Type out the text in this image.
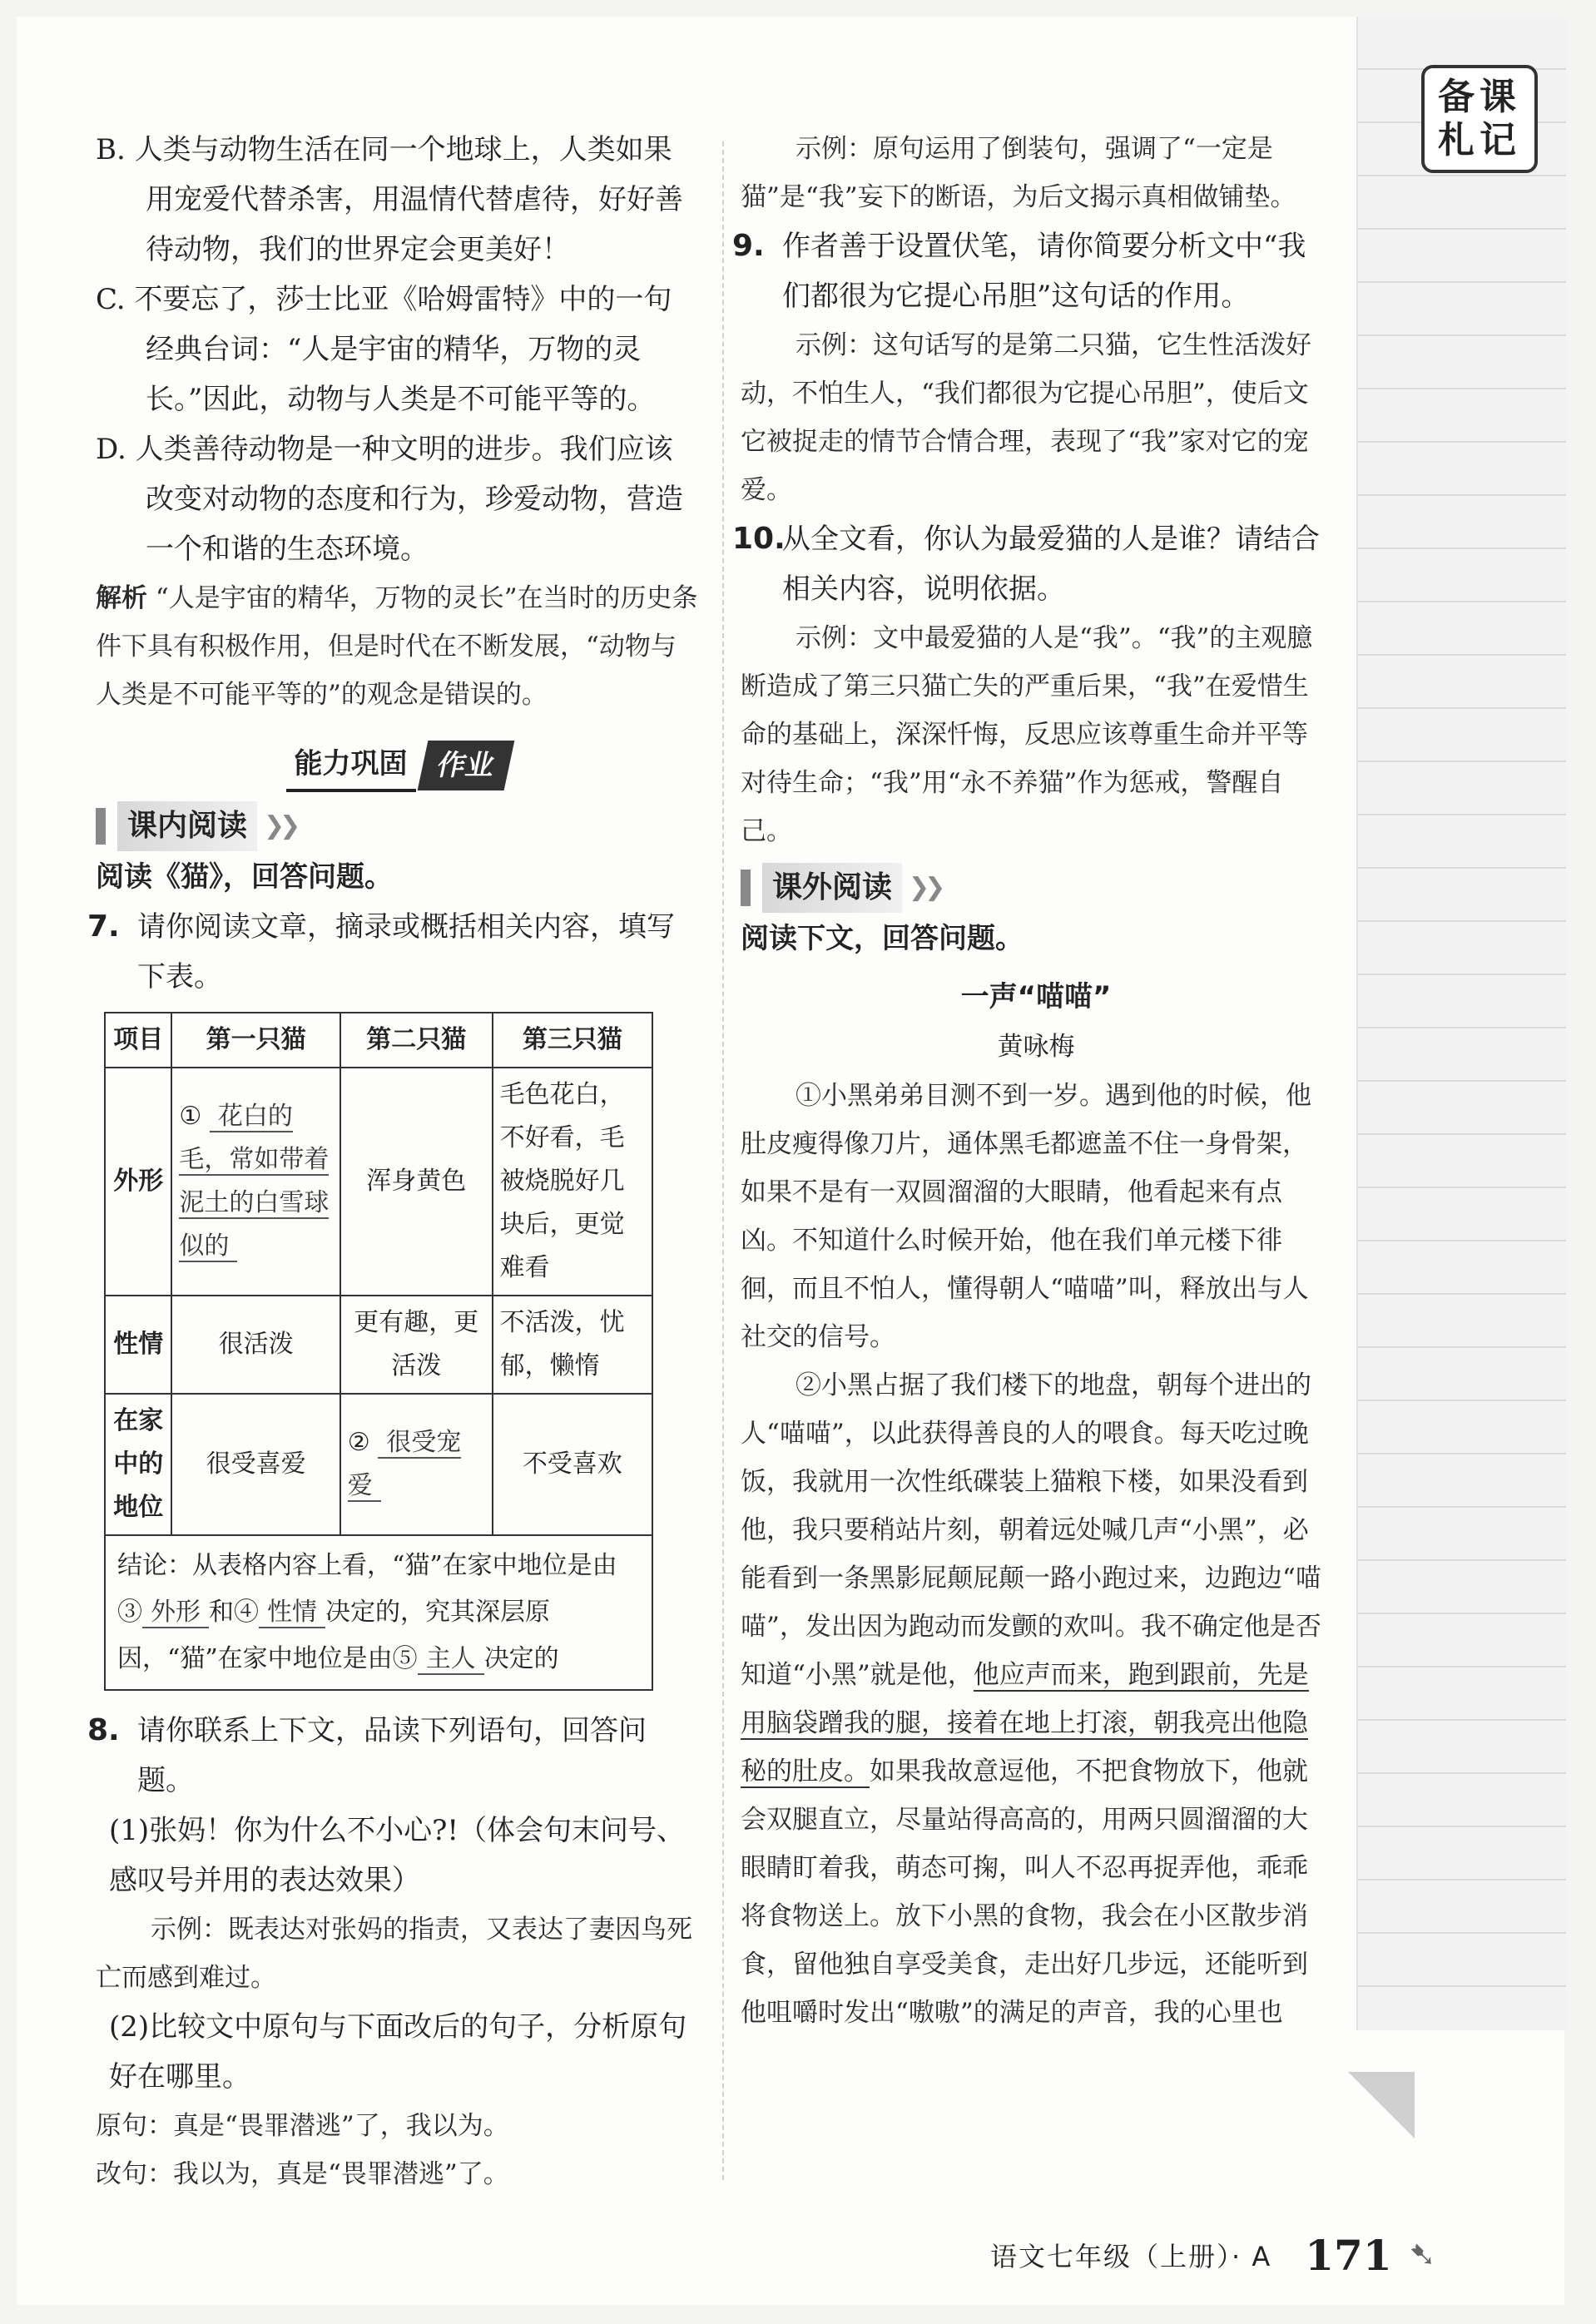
备课
札记

B. 人类与动物生活在同一个地球上，人类如果用宠爱代替杀害，用温情代替虐待，好好善待动物，我们的世界定会更美好！

C. 不要忘了，莎士比亚《哈姆雷特》中的一句经典台词：“人是宇宙的精华，万物的灵长。”因此，动物与人类是不可能平等的。

D. 人类善待动物是一种文明的进步。我们应该改变对动物的态度和行为，珍爱动物，营造一个和谐的生态环境。

解析 “人是宇宙的精华，万物的灵长”在当时的历史条件下具有积极作用，但是时代在不断发展，“动物与人类是不可能平等的”的观念是错误的。

能力巩固 作业
课内阅读 ❯❯

阅读《猫》，回答问题。

7. 请你阅读文章，摘录或概括相关内容，填写下表。

项目	第一只猫	第二只猫	第三只猫
外形	① 花白的毛，常如带着泥土的白雪球似的	浑身黄色	毛色花白，不好看，毛被烧脱好几块后，更觉难看
性情	很活泼	更有趣，更活泼	不活泼，忧郁，懒惰
在家中的地位	很受喜爱	② 很受宠爱	不受喜欢
结论：从表格内容上看，“猫”在家中地位是由③ 外形 和④ 性情 决定的，究其深层原因，“猫”在家中地位是由⑤ 主人 决定的			

8. 请你联系上下文，品读下列语句，回答问题。

(1)张妈！你为什么不小心?!（体会句末问号、感叹号并用的表达效果）

示例：既表达对张妈的指责，又表达了妻因鸟死亡而感到难过。

(2)比较文中原句与下面改后的句子，分析原句好在哪里。

原句：真是“畏罪潜逃”了，我以为。

改句：我以为，真是“畏罪潜逃”了。

示例：原句运用了倒装句，强调了“一定是猫”是“我”妄下的断语，为后文揭示真相做铺垫。

9. 作者善于设置伏笔，请你简要分析文中“我们都很为它提心吊胆”这句话的作用。

示例：这句话写的是第二只猫，它生性活泼好动，不怕生人，“我们都很为它提心吊胆”，使后文它被捉走的情节合情合理，表现了“我”家对它的宠爱。

10.
从全文看，你认为最爱猫的人是谁？请结合相关内容，说明依据。

示例：文中最爱猫的人是“我”。“我”的主观臆断造成了第三只猫亡失的严重后果，“我”在爱惜生命的基础上，深深忏悔，反思应该尊重生命并平等对待生命；“我”用“永不养猫”作为惩戒，警醒自己。

课外阅读 ❯❯

阅读下文，回答问题。

一声“喵喵”

黄咏梅

①小黑弟弟目测不到一岁。遇到他的时候，他肚皮瘦得像刀片，通体黑毛都遮盖不住一身骨架，如果不是有一双圆溜溜的大眼睛，他看起来有点凶。不知道什么时候开始，他在我们单元楼下徘徊，而且不怕人，懂得朝人“喵喵”叫，释放出与人社交的信号。

②小黑占据了我们楼下的地盘，朝每个进出的人“喵喵”，以此获得善良的人的喂食。每天吃过晚饭，我就用一次性纸碟装上猫粮下楼，如果没看到他，我只要稍站片刻，朝着远处喊几声“小黑”，必能看到一条黑影屁颠屁颠一路小跑过来，边跑边“喵喵”，发出因为跑动而发颤的欢叫。我不确定他是否知道“小黑”就是他，他应声而来，跑到跟前，先是用脑袋蹭我的腿，接着在地上打滚，朝我亮出他隐秘的肚皮。如果我故意逗他，不把食物放下，他就会双腿直立，尽量站得高高的，用两只圆溜溜的大眼睛盯着我，萌态可掬，叫人不忍再捉弄他，乖乖将食物送上。放下小黑的食物，我会在小区散步消食，留他独自享受美食，走出好几步远，还能听到他咀嚼时发出“嗷嗷”的满足的声音，我的心里也

语文七年级（上册）· A 171 ➷
